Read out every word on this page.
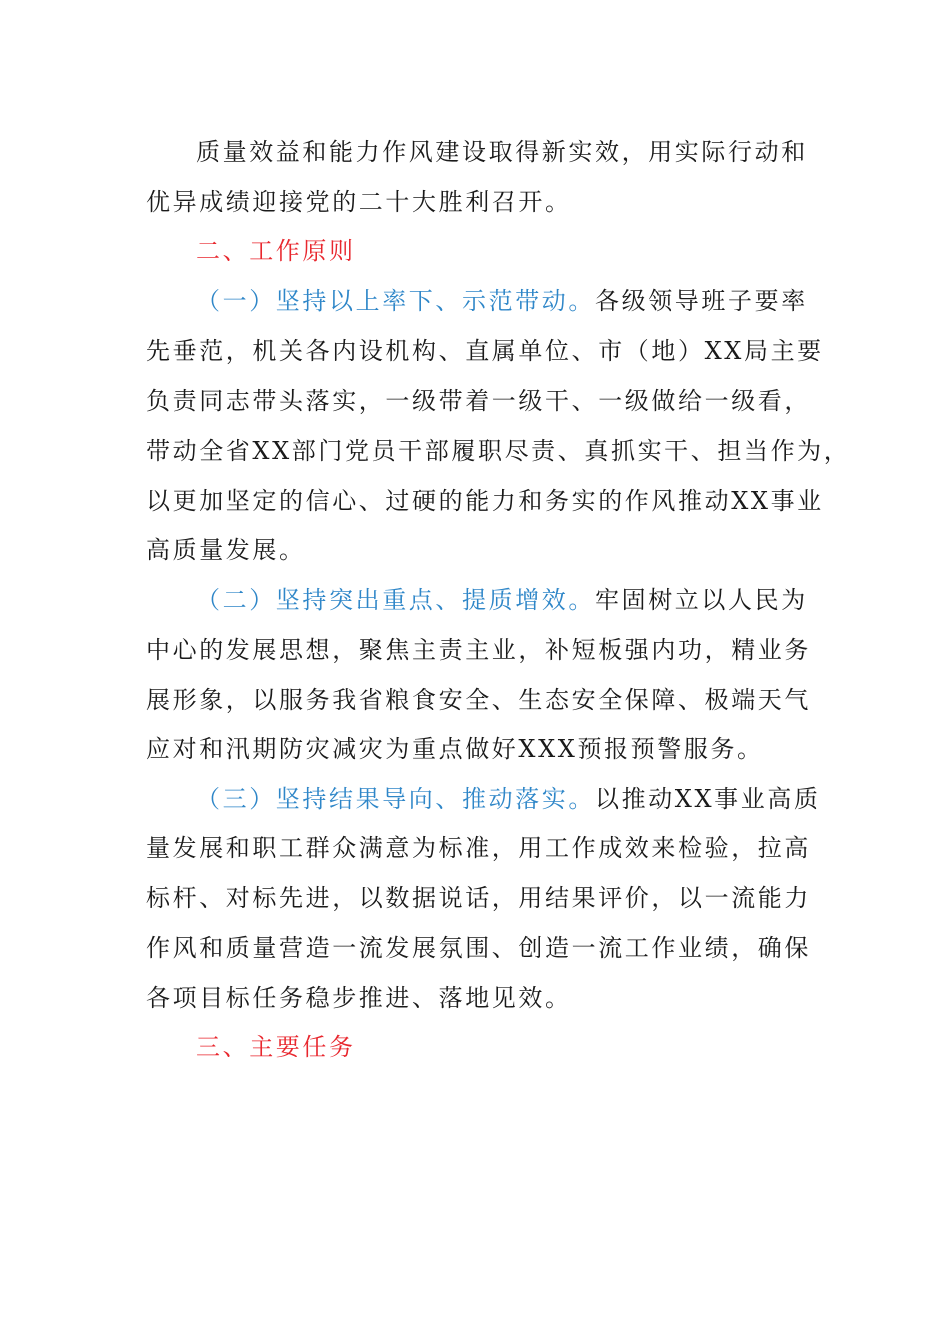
质量效益和能力作风建设取得新实效，用实际行动和
优异成绩迎接党的二十大胜利召开。
二、工作原则
（一）坚持以上率下、示范带动。各级领导班子要率
先垂范，机关各内设机构、直属单位、市（地）XX局主要
负责同志带头落实，一级带着一级干、一级做给一级看，
带动全省XX部门党员干部履职尽责、真抓实干、担当作为，
以更加坚定的信心、过硬的能力和务实的作风推动XX事业
高质量发展。
（二）坚持突出重点、提质增效。牢固树立以人民为
中心的发展思想，聚焦主责主业，补短板强内功，精业务
展形象，以服务我省粮食安全、生态安全保障、极端天气
应对和汛期防灾减灾为重点做好XXX预报预警服务。
（三）坚持结果导向、推动落实。以推动XX事业高质
量发展和职工群众满意为标准，用工作成效来检验，拉高
标杆、对标先进，以数据说话，用结果评价，以一流能力
作风和质量营造一流发展氛围、创造一流工作业绩，确保
各项目标任务稳步推进、落地见效。
三、主要任务
